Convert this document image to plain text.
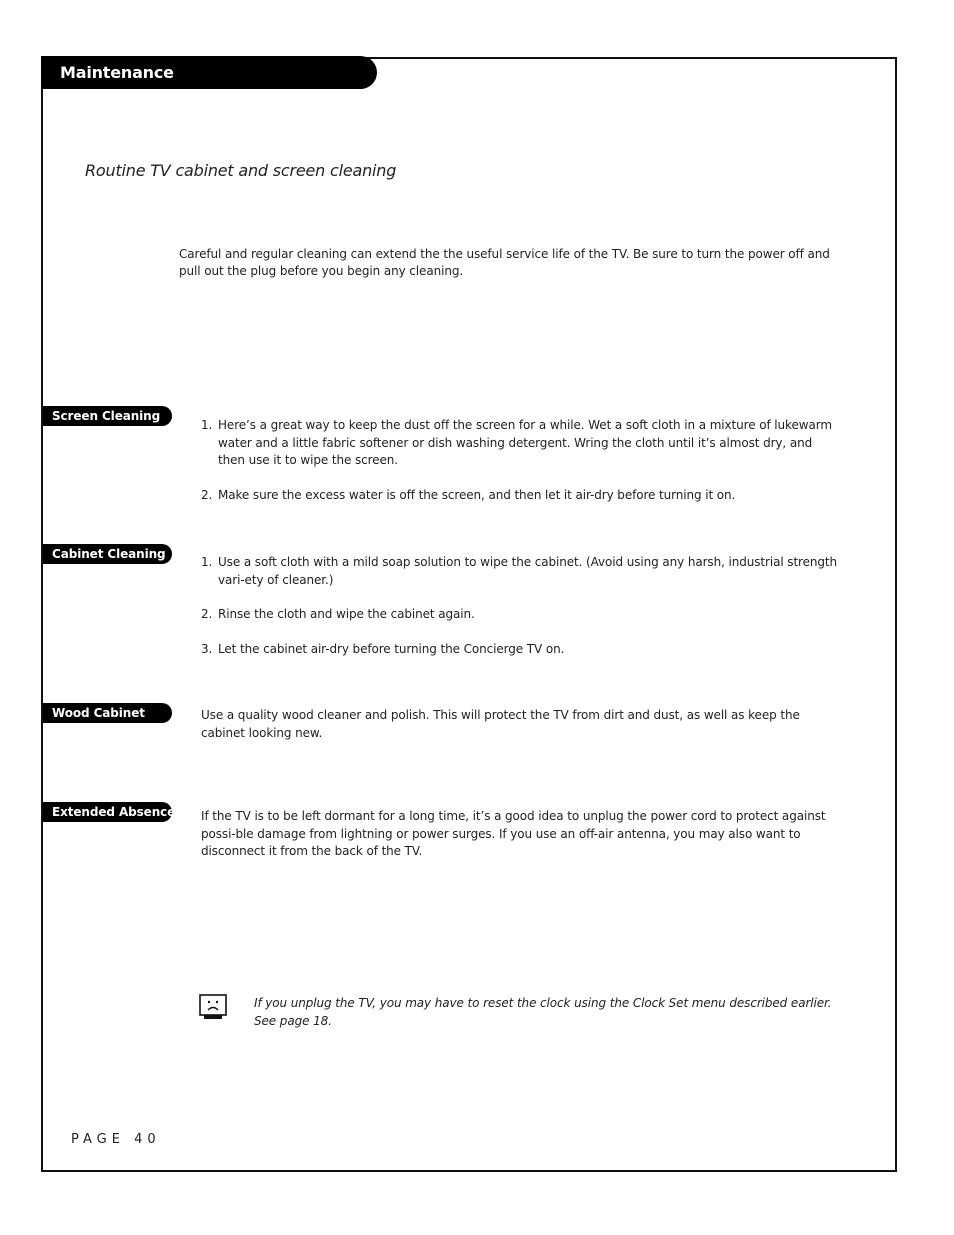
Maintenance
Routine TV cabinet and screen cleaning
Careful and regular cleaning can extend the the useful service life of the TV. Be sure to turn the power off and pull out the plug before you begin any cleaning.
Screen Cleaning
1. Here’s a great way to keep the dust off the screen for a while. Wet a soft cloth in a mixture of lukewarm water and a little fabric softener or dish washing detergent. Wring the cloth until it’s almost dry, and then use it to wipe the screen.
2. Make sure the excess water is off the screen, and then let it air-dry before turning it on.
Cabinet Cleaning
1. Use a soft cloth with a mild soap solution to wipe the cabinet. (Avoid using any harsh, industrial strength vari-ety of cleaner.)
2. Rinse the cloth and wipe the cabinet again.
3. Let the cabinet air-dry before turning the Concierge TV on.
Wood Cabinet	Use a quality wood cleaner and polish. This will protect the TV from dirt and dust, as well as keep the cabinet looking new.

Extended Absence If the TV is to be left dormant for a long time, it’s a good idea to unplug the power cord to protect against possi-ble damage from lightning or power surges. If you use an off-air antenna, you may also want to disconnect it from the back of the TV.

If you unplug the TV, you may have to reset the clock using the Clock Set menu described earlier.
See page 18.
PAGE 40
